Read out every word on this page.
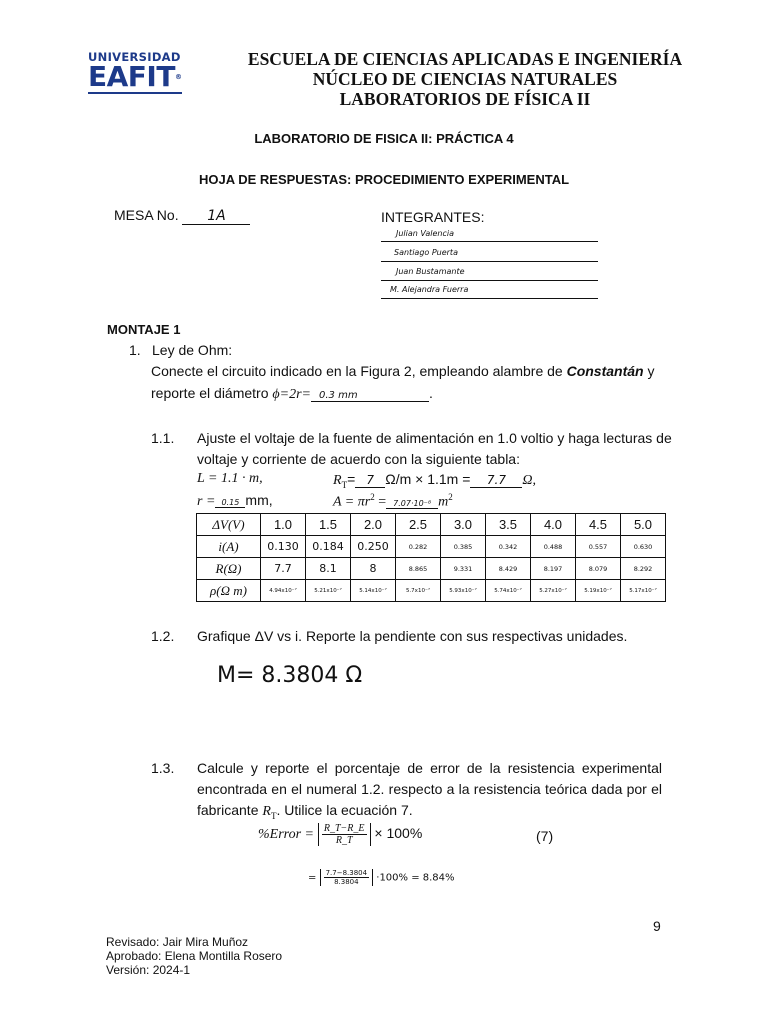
UNIVERSIDAD
EAFIT®
ESCUELA DE CIENCIAS APLICADAS E INGENIERÍA
NÚCLEO DE CIENCIAS NATURALES
LABORATORIOS DE FÍSICA II
LABORATORIO DE FISICA II: PRÁCTICA 4
HOJA DE RESPUESTAS: PROCEDIMIENTO EXPERIMENTAL
MESA No. 1A	INTEGRANTES:
Julian Valencia
Santiago Puerta
Juan Bustamante
M. Alejandra Fuerra
MONTAJE 1
1. Ley de Ohm:
Conecte el circuito indicado en la Figura 2, empleando alambre de Constantán y
reporte el diámetro ϕ=2r= 0.3 mm	.
1.1. Ajuste el voltaje de la fuente de alimentación en 1.0 voltio y haga lecturas de
voltaje y corriente de acuerdo con la siguiente tabla:
L = 1.1 · m,	$R_T= 7$ Ω/m × 1.1m = 7.7 Ω,
r = 0.15 mm,	$A = \pi r^2 = 7.07\cdot 10^{-8}$ $m^2$
ΔV(V)	1.0	1.5	2.0	2.5	3.0	3.5	4.0	4.5	5.0
i(A)	0.130	0.184	0.250	0.282	0.385	0.342	0.488	0.557	0.630
R(Ω)	7.7	8.1	8	8.865	9.331	8.429	8.197	8.079	8.292
ρ(Ω m)	4.94x10⁻⁷	5.21x10⁻⁷	5.14x10⁻⁷	5.7x10⁻⁷	5.93x10⁻⁷	5.74x10⁻⁷	5.27x10⁻⁷	5.19x10⁻⁷	5.17x10⁻⁷
1.2. Grafique ΔV vs i. Reporte la pendiente con sus respectivas unidades.
M= 8.3804 Ω
1.3. Calcule y reporte el porcentaje de error de la resistencia experimental
encontrada en el numeral 1.2. respecto a la resistencia teórica dada por el
fabricante $R_T$. Utilice la ecuación 7.
%Error = $\frac{R\_T-R\_E}{R\_T} \times 100\%$	(7)
= $\frac{7.7-8.3804}{8.3804} \cdot 100\% = 8.84\%$
9
Revisado: Jair Mira Muñoz
Aprobado: Elena Montilla Rosero
Versión: 2024-1
